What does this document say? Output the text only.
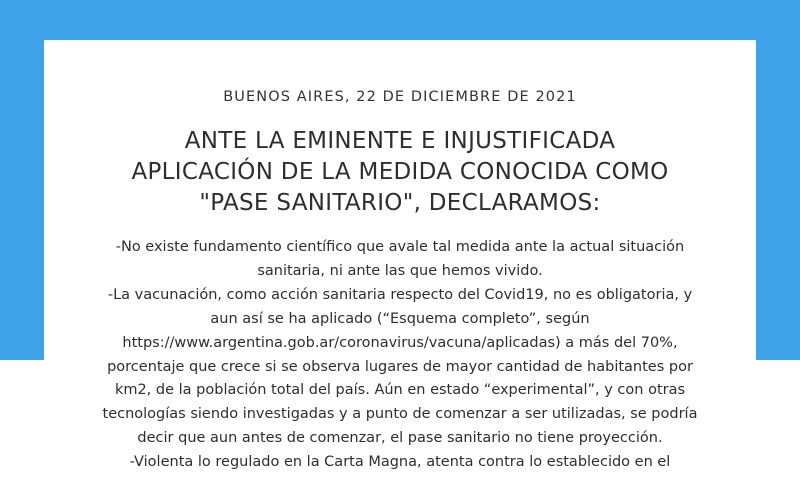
BUENOS AIRES, 22 DE DICIEMBRE DE 2021
ANTE LA EMINENTE E INJUSTIFICADA
APLICACIÓN DE LA MEDIDA CONOCIDA COMO
"PASE SANITARIO", DECLARAMOS:
-No existe fundamento científico que avale tal medida ante la actual situación
sanitaria, ni ante las que hemos vivido.
-La vacunación, como acción sanitaria respecto del Covid19, no es obligatoria, y
aun así se ha aplicado (“Esquema completo”, según
https://www.argentina.gob.ar/coronavirus/vacuna/aplicadas) a más del 70%,
porcentaje que crece si se observa lugares de mayor cantidad de habitantes por
km2, de la población total del país. Aún en estado “experimental”, y con otras
tecnologías siendo investigadas y a punto de comenzar a ser utilizadas, se podría
decir que aun antes de comenzar, el pase sanitario no tiene proyección.
-Violenta lo regulado en la Carta Magna, atenta contra lo establecido en el
